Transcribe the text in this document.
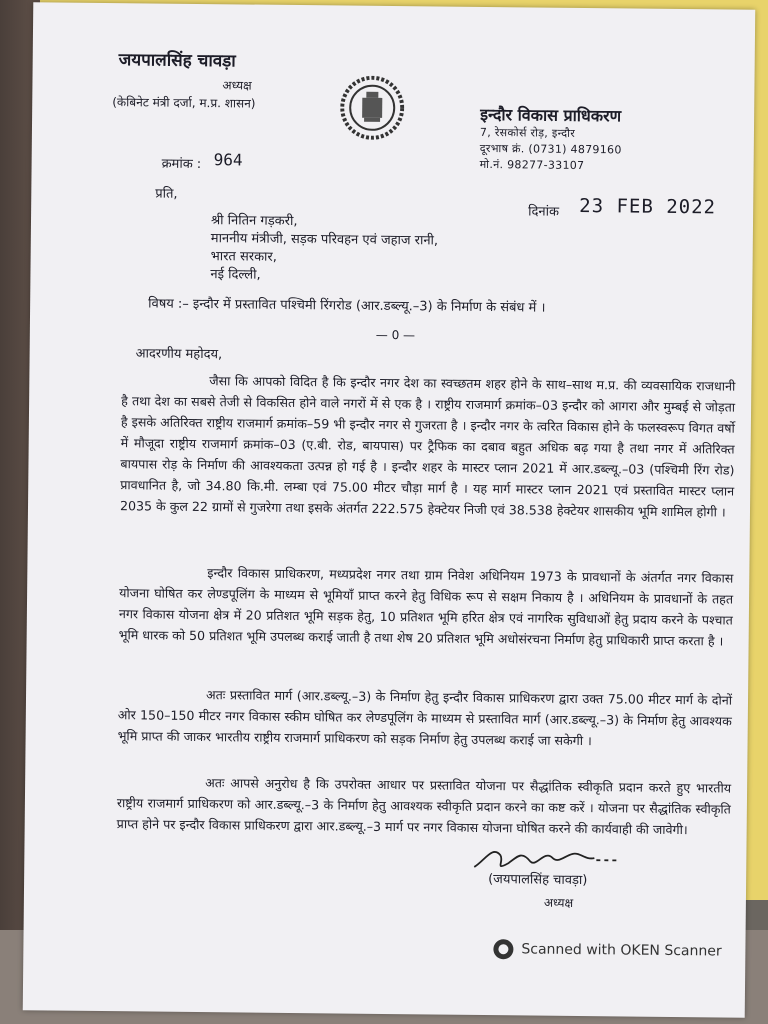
जयपालसिंह चावड़ा
अध्यक्ष
(केबिनेट मंत्री दर्जा, म.प्र. शासन)
इन्दौर विकास प्राधिकरण
7, रेसकोर्स रोड़, इन्दौर
दूरभाष क्रं. (0731) 4879160
मो.नं. 98277-33107
क्रमांक : 964
प्रति,
दिनांक 23 FEB 2022
श्री नितिन गड़करी,
माननीय मंत्रीजी, सड़क परिवहन एवं जहाज रानी,
भारत सरकार,
नई दिल्ली,
विषय :– इन्दौर में प्रस्तावित पश्चिमी रिंगरोड (आर.डब्ल्यू.–3) के निर्माण के संबंध में ।
— 0 —
आदरणीय महोदय,

जैसा कि आपको विदित है कि इन्दौर नगर देश का स्वच्छतम शहर होने के साथ–साथ म.प्र. की व्यवसायिक राजधानी है तथा देश का सबसे तेजी से विकसित होने वाले नगरों में से एक है । राष्ट्रीय राजमार्ग क्रमांक–03 इन्दौर को आगरा और मुम्बई से जोड़ता है इसके अतिरिक्त राष्ट्रीय राजमार्ग क्रमांक–59 भी इन्दौर नगर से गुजरता है । इन्दौर नगर के त्वरित विकास होने के फलस्वरूप विगत वर्षो में मौजूदा राष्ट्रीय राजमार्ग क्रमांक–03 (ए.बी. रोड, बायपास) पर ट्रैफिक का दबाव बहुत अधिक बढ़ गया है तथा नगर में अतिरिक्त बायपास रोड़ के निर्माण की आवश्यकता उत्पन्न हो गई है । इन्दौर शहर के मास्टर प्लान 2021 में आर.डब्ल्यू.–03 (पश्चिमी रिंग रोड) प्रावधानित है, जो 34.80 कि.मी. लम्बा एवं 75.00 मीटर चौड़ा मार्ग है । यह मार्ग मास्टर प्लान 2021 एवं प्रस्तावित मास्टर प्लान 2035 के कुल 22 ग्रामों से गुजरेगा तथा इसके अंतर्गत 222.575 हेक्टेयर निजी एवं 38.538 हेक्टेयर शासकीय भूमि शामिल होगी ।

इन्दौर विकास प्राधिकरण, मध्यप्रदेश नगर तथा ग्राम निवेश अधिनियम 1973 के प्रावधानों के अंतर्गत नगर विकास योजना घोषित कर लेण्डपूलिंग के माध्यम से भूमियाँ प्राप्त करने हेतु विधिक रूप से सक्षम निकाय है । अधिनियम के प्रावधानों के तहत नगर विकास योजना क्षेत्र में 20 प्रतिशत भूमि सड़क हेतु, 10 प्रतिशत भूमि हरित क्षेत्र एवं नागरिक सुविधाओं हेतु प्रदाय करने के पश्चात भूमि धारक को 50 प्रतिशत भूमि उपलब्ध कराई जाती है तथा शेष 20 प्रतिशत भूमि अधोसंरचना निर्माण हेतु प्राधिकारी प्राप्त करता है ।

अतः प्रस्तावित मार्ग (आर.डब्ल्यू.–3) के निर्माण हेतु इन्दौर विकास प्राधिकरण द्वारा उक्त 75.00 मीटर मार्ग के दोनों ओर 150–150 मीटर नगर विकास स्कीम घोषित कर लेण्डपूलिंग के माध्यम से प्रस्तावित मार्ग (आर.डब्ल्यू.–3) के निर्माण हेतु आवश्यक भूमि प्राप्त की जाकर भारतीय राष्ट्रीय राजमार्ग प्राधिकरण को सड़क निर्माण हेतु उपलब्ध कराई जा सकेगी ।

अतः आपसे अनुरोध है कि उपरोक्त आधार पर प्रस्तावित योजना पर सैद्धांतिक स्वीकृति प्रदान करते हुए भारतीय राष्ट्रीय राजमार्ग प्राधिकरण को आर.डब्ल्यू.–3 के निर्माण हेतु आवश्यक स्वीकृति प्रदान करने का कष्ट करें । योजना पर सैद्धांतिक स्वीकृति प्राप्त होने पर इन्दौर विकास प्राधिकरण द्वारा आर.डब्ल्यू.–3 मार्ग पर नगर विकास योजना घोषित करने की कार्यवाही की जावेगी।

(जयपालसिंह चावड़ा)
अध्यक्ष
Scanned with OKEN Scanner
